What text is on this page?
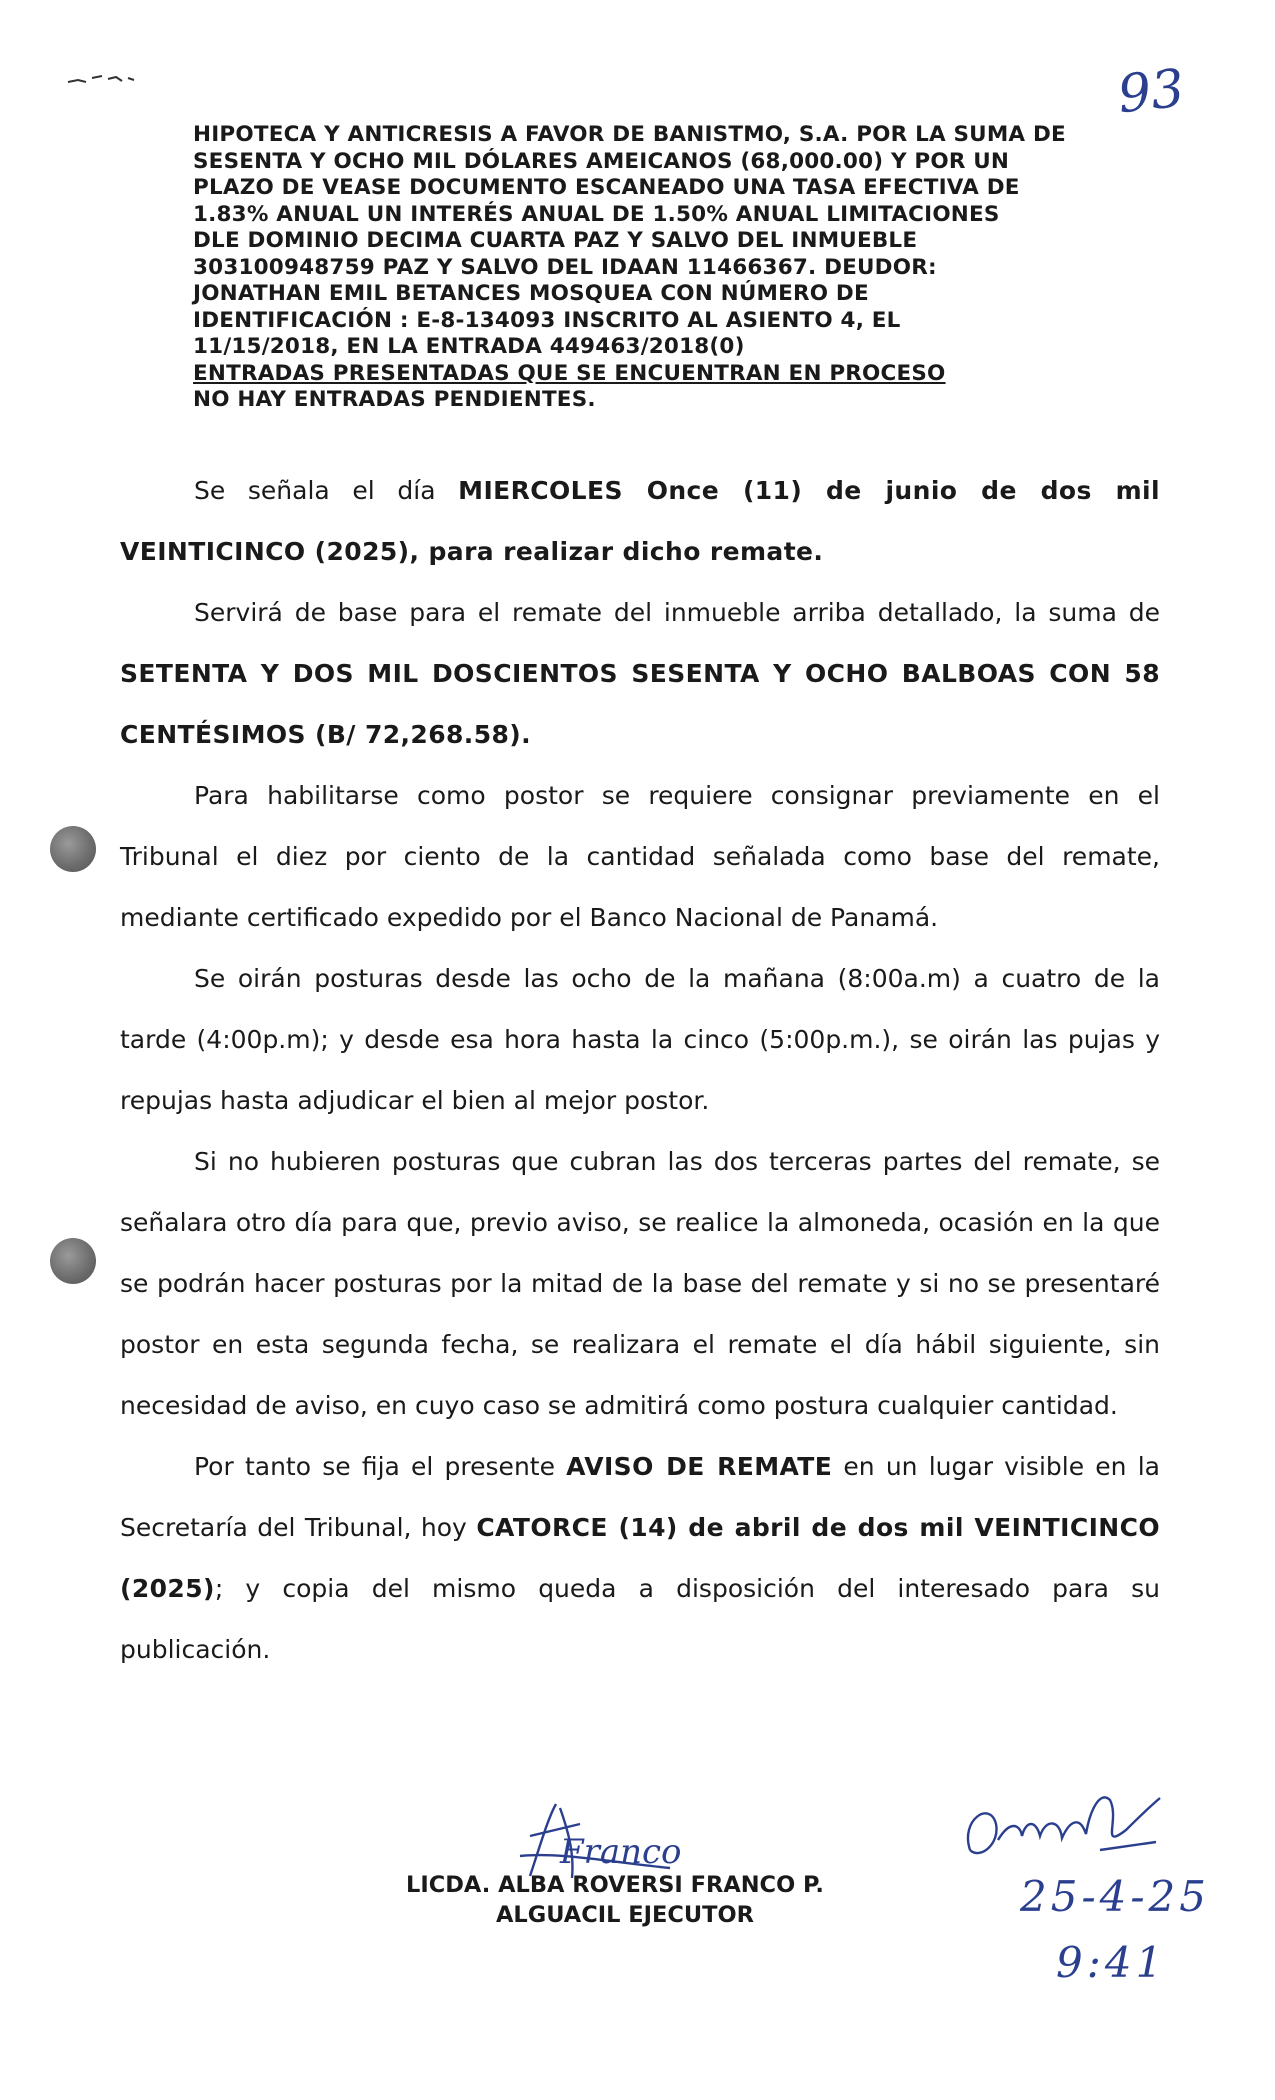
93

HIPOTECA Y ANTICRESIS A FAVOR DE BANISTMO, S.A. POR LA SUMA DE

SESENTA Y OCHO MIL DÓLARES AMEICANOS (68,000.00) Y POR UN

PLAZO DE VEASE DOCUMENTO ESCANEADO UNA TASA EFECTIVA DE

1.83% ANUAL UN INTERÉS ANUAL DE 1.50% ANUAL LIMITACIONES

DLE DOMINIO DECIMA CUARTA PAZ Y SALVO DEL INMUEBLE

303100948759 PAZ Y SALVO DEL IDAAN 11466367. DEUDOR:

JONATHAN EMIL BETANCES MOSQUEA CON NÚMERO DE

IDENTIFICACIÓN : E-8-134093 INSCRITO AL ASIENTO 4, EL

11/15/2018, EN LA ENTRADA 449463/2018(0)

ENTRADAS PRESENTADAS QUE SE ENCUENTRAN EN PROCESO

NO HAY ENTRADAS PENDIENTES.

Se señala el día MIERCOLES Once (11) de junio de dos mil VEINTICINCO (2025), para realizar dicho remate.

Servirá de base para el remate del inmueble arriba detallado, la suma de SETENTA Y DOS MIL DOSCIENTOS SESENTA Y OCHO BALBOAS CON 58 CENTÉSIMOS (B/ 72,268.58).

Para habilitarse como postor se requiere consignar previamente en el Tribunal el diez por ciento de la cantidad señalada como base del remate, mediante certificado expedido por el Banco Nacional de Panamá.

Se oirán posturas desde las ocho de la mañana (8:00a.m) a cuatro de la tarde (4:00p.m); y desde esa hora hasta la cinco (5:00p.m.), se oirán las pujas y repujas hasta adjudicar el bien al mejor postor.

Si no hubieren posturas que cubran las dos terceras partes del remate, se señalara otro día para que, previo aviso, se realice la almoneda, ocasión en la que se podrán hacer posturas por la mitad de la base del remate y si no se presentaré postor en esta segunda fecha, se realizara el remate el día hábil siguiente, sin necesidad de aviso, en cuyo caso se admitirá como postura cualquier cantidad.

Por tanto se fija el presente AVISO DE REMATE en un lugar visible en la Secretaría del Tribunal, hoy CATORCE (14) de abril de dos mil VEINTICINCO (2025); y copia del mismo queda a disposición del interesado para su publicación.

Franco
LICDA. ALBA ROVERSI FRANCO P.
ALGUACIL EJECUTOR	25-4-25
9:41
